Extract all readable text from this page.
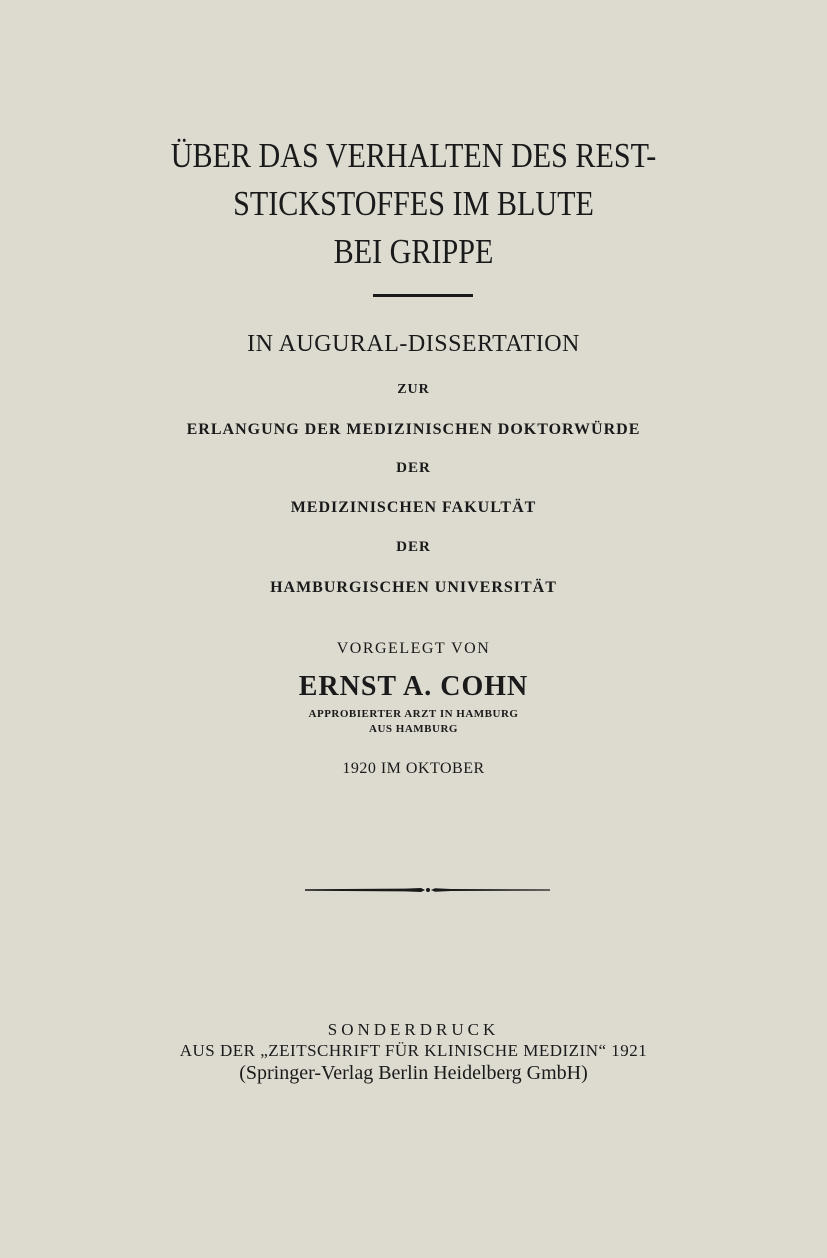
ÜBER DAS VERHALTEN DES REST-
STICKSTOFFES IM BLUTE
BEI GRIPPE

IN AUGURAL-DISSERTATION

ZUR

ERLANGUNG DER MEDIZINISCHEN DOKTORWÜRDE

DER

MEDIZINISCHEN FAKULTÄT

DER

HAMBURGISCHEN UNIVERSITÄT

VORGELEGT VON

ERNST A. COHN

APPROBIERTER ARZT IN HAMBURG

AUS HAMBURG

1920 IM OKTOBER

SONDERDRUCK

AUS DER „ZEITSCHRIFT FÜR KLINISCHE MEDIZIN“ 1921

(Springer-Verlag Berlin Heidelberg GmbH)
